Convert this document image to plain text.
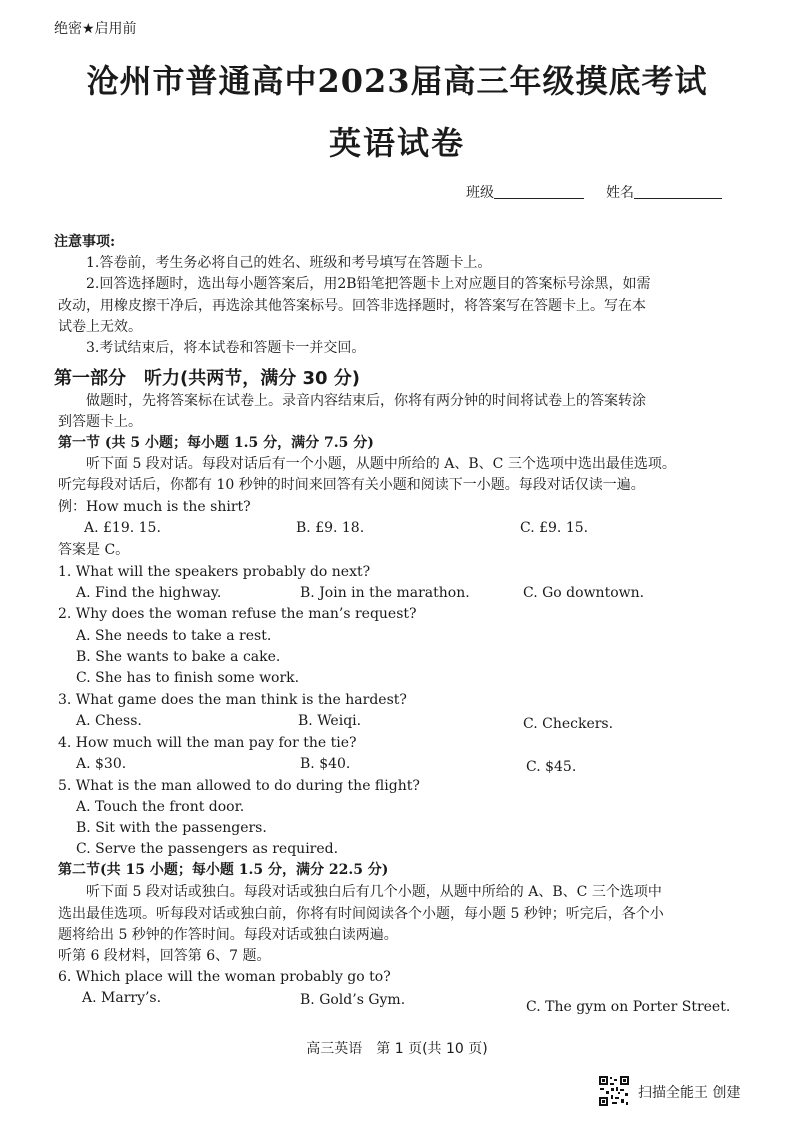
绝密★启用前
沧州市普通高中2023届高三年级摸底考试
英语试卷
班级	姓名
注意事项:
1.答卷前，考生务必将自己的姓名、班级和考号填写在答题卡上。
2.回答选择题时，选出每小题答案后，用2B铅笔把答题卡上对应题目的答案标号涂黑，如需
改动，用橡皮擦干净后，再选涂其他答案标号。回答非选择题时，将答案写在答题卡上。写在本
试卷上无效。
3.考试结束后，将本试卷和答题卡一并交回。
第一部分　听力(共两节，满分 30 分)
做题时，先将答案标在试卷上。录音内容结束后，你将有两分钟的时间将试卷上的答案转涂
到答题卡上。
第一节 (共 5 小题；每小题 1.5 分，满分 7.5 分)
听下面 5 段对话。每段对话后有一个小题，从题中所给的 A、B、C 三个选项中选出最佳选项。
听完每段对话后，你都有 10 秒钟的时间来回答有关小题和阅读下一小题。每段对话仅读一遍。
例：How much is the shirt?
A. £19. 15.	B. £9. 18.	C. £9. 15.
答案是 C。
1. What will the speakers probably do next?
A. Find the highway.	B. Join in the marathon.	C. Go downtown.
2. Why does the woman refuse the man’s request?
A. She needs to take a rest.
B. She wants to bake a cake.
C. She has to finish some work.
3. What game does the man think is the hardest?
A. Chess.	B. Weiqi.	C. Checkers.
4. How much will the man pay for the tie?
A. $30.	B. $40.	C. $45.
5. What is the man allowed to do during the flight?
A. Touch the front door.
B. Sit with the passengers.
C. Serve the passengers as required.
第二节(共 15 小题；每小题 1.5 分，满分 22.5 分)
听下面 5 段对话或独白。每段对话或独白后有几个小题，从题中所给的 A、B、C 三个选项中
选出最佳选项。听每段对话或独白前，你将有时间阅读各个小题，每小题 5 秒钟；听完后，各个小
题将给出 5 秒钟的作答时间。每段对话或独白读两遍。
听第 6 段材料，回答第 6、7 题。
6. Which place will the woman probably go to?
A. Marry’s.	B. Gold’s Gym.	C. The gym on Porter Street.
高三英语　第 1 页(共 10 页)
扫描全能王 创建
